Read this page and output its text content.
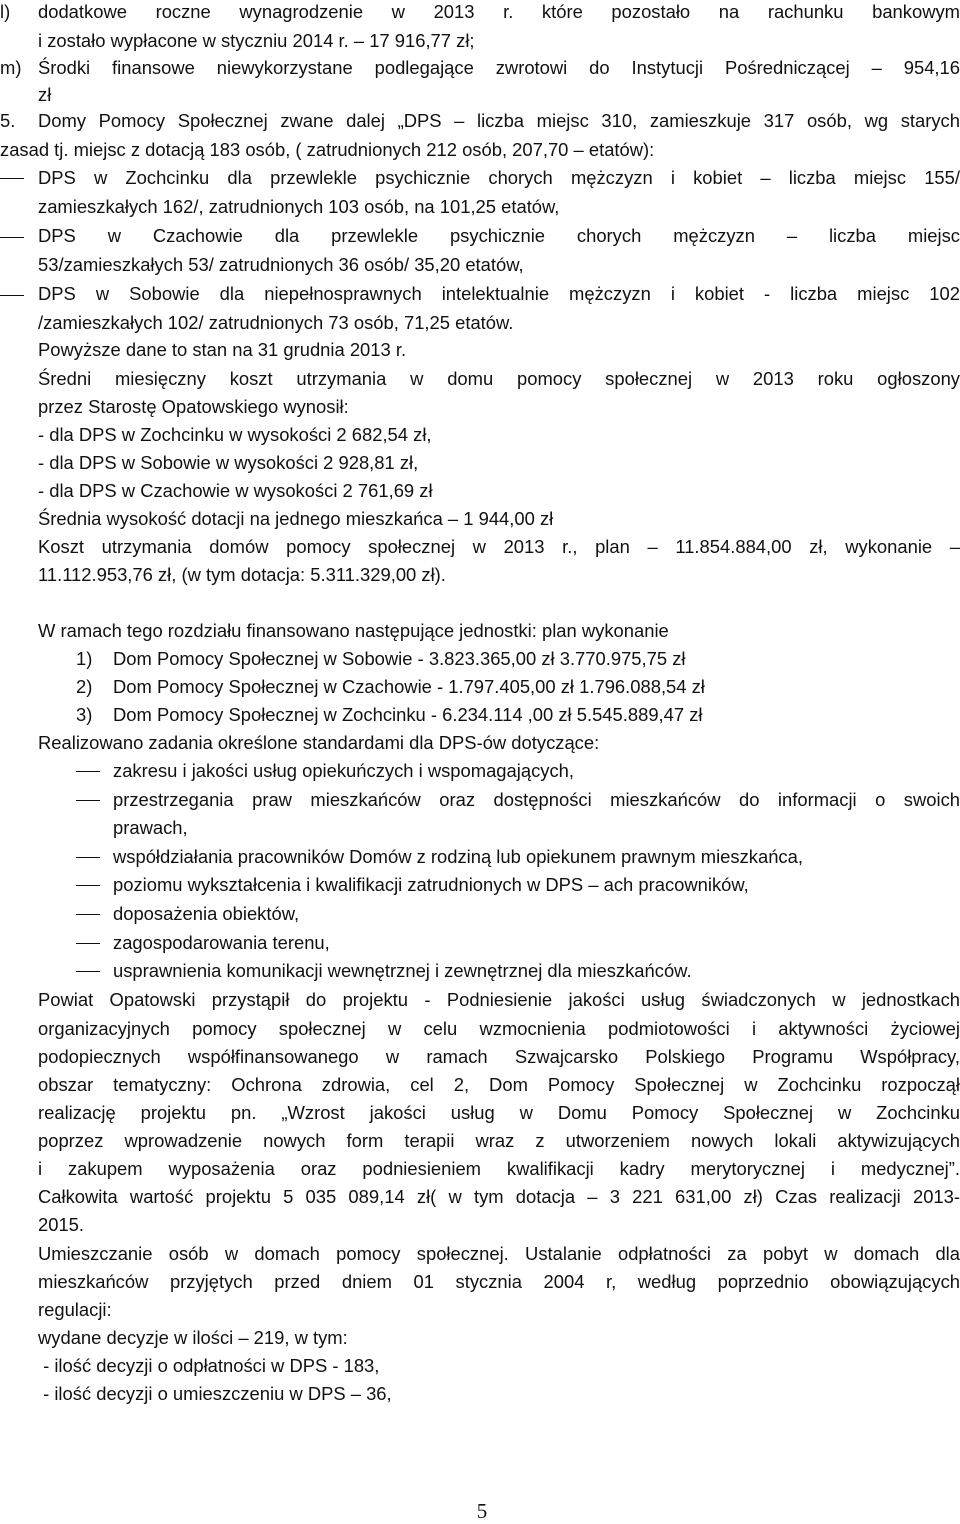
l) dodatkowe roczne wynagrodzenie w 2013 r. które pozostało na rachunku bankowym
i zostało wypłacone w styczniu 2014 r. – 17 916,77 zł;
m) Środki finansowe niewykorzystane podlegające zwrotowi do Instytucji Pośredniczącej – 954,16
zł
5. Domy Pomocy Społecznej zwane dalej „DPS – liczba miejsc 310, zamieszkuje 317 osób, wg starych
zasad tj. miejsc z dotacją 183 osób, ( zatrudnionych 212 osób, 207,70 – etatów):
DPS w Zochcinku dla przewlekle psychicznie chorych mężczyzn i kobiet – liczba miejsc 155/
zamieszkałych 162/, zatrudnionych 103 osób, na 101,25 etatów,
DPS w Czachowie dla przewlekle psychicznie chorych mężczyzn – liczba miejsc
53/zamieszkałych 53/ zatrudnionych 36 osób/ 35,20 etatów,
DPS w Sobowie dla niepełnosprawnych intelektualnie mężczyzn i kobiet - liczba miejsc 102
/zamieszkałych 102/ zatrudnionych 73 osób, 71,25 etatów.
Powyższe dane to stan na 31 grudnia 2013 r.
Średni miesięczny koszt utrzymania w domu pomocy społecznej w 2013 roku ogłoszony
przez Starostę Opatowskiego wynosił:
- dla DPS w Zochcinku w wysokości 2 682,54 zł,
- dla DPS w Sobowie w wysokości 2 928,81 zł,
- dla DPS w Czachowie w wysokości 2 761,69 zł
Średnia wysokość dotacji na jednego mieszkańca – 1 944,00 zł
Koszt utrzymania domów pomocy społecznej w 2013 r., plan – 11.854.884,00 zł, wykonanie –
11.112.953,76 zł, (w tym dotacja: 5.311.329,00 zł).
W ramach tego rozdziału finansowano następujące jednostki: plan wykonanie
1) Dom Pomocy Społecznej w Sobowie - 3.823.365,00 zł 3.770.975,75 zł
2) Dom Pomocy Społecznej w Czachowie - 1.797.405,00 zł 1.796.088,54 zł
3) Dom Pomocy Społecznej w Zochcinku - 6.234.114 ,00 zł 5.545.889,47 zł
Realizowano zadania określone standardami dla DPS-ów dotyczące:
zakresu i jakości usług opiekuńczych i wspomagających,
przestrzegania praw mieszkańców oraz dostępności mieszkańców do informacji o swoich
prawach,
współdziałania pracowników Domów z rodziną lub opiekunem prawnym mieszkańca,
poziomu wykształcenia i kwalifikacji zatrudnionych w DPS – ach pracowników,
doposażenia obiektów,
zagospodarowania terenu,
usprawnienia komunikacji wewnętrznej i zewnętrznej dla mieszkańców.
Powiat Opatowski przystąpił do projektu - Podniesienie jakości usług świadczonych w jednostkach
organizacyjnych pomocy społecznej w celu wzmocnienia podmiotowości i aktywności życiowej
podopiecznych współfinansowanego w ramach Szwajcarsko Polskiego Programu Współpracy,
obszar tematyczny: Ochrona zdrowia, cel 2, Dom Pomocy Społecznej w Zochcinku rozpoczął
realizację projektu pn. „Wzrost jakości usług w Domu Pomocy Społecznej w Zochcinku
poprzez wprowadzenie nowych form terapii wraz z utworzeniem nowych lokali aktywizujących
i zakupem wyposażenia oraz podniesieniem kwalifikacji kadry merytorycznej i medycznej”.
Całkowita wartość projektu 5 035 089,14 zł( w tym dotacja – 3 221 631,00 zł) Czas realizacji 2013-
2015.
Umieszczanie osób w domach pomocy społecznej. Ustalanie odpłatności za pobyt w domach dla
mieszkańców przyjętych przed dniem 01 stycznia 2004 r, według poprzednio obowiązujących
regulacji:
wydane decyzje w ilości – 219, w tym:
- ilość decyzji o odpłatności w DPS - 183,
- ilość decyzji o umieszczeniu w DPS – 36,
5
